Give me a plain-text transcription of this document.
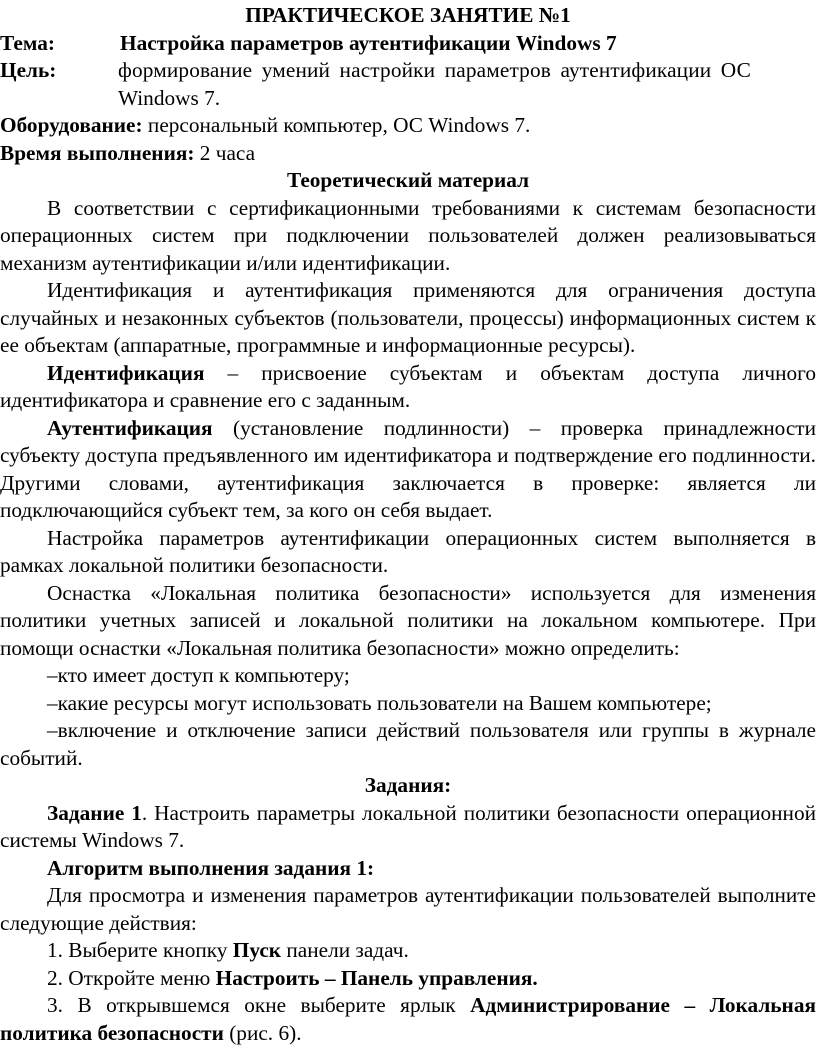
ПРАКТИЧЕСКОЕ ЗАНЯТИЕ №1

Тема:	Настройка параметров аутентификации Windows 7
Цель:	формирование умений настройки параметров аутентификации ОС
Windows 7.

Оборудование: персональный компьютер, ОС Windows 7.

Время выполнения: 2 часа

Теоретический материал

В соответствии с сертификационными требованиями к системам безопасности операционных систем при подключении пользователей должен реализовываться механизм аутентификации и/или идентификации.

Идентификация и аутентификация применяются для ограничения доступа случайных и незаконных субъектов (пользователи, процессы) информационных систем к ее объектам (аппаратные, программные и информационные ресурсы).

Идентификация – присвоение субъектам и объектам доступа личного идентификатора и сравнение его с заданным.

Аутентификация (установление подлинности) – проверка принадлежности субъекту доступа предъявленного им идентификатора и подтверждение его подлинности. Другими словами, аутентификация заключается в проверке: является ли подключающийся субъект тем, за кого он себя выдает.

Настройка параметров аутентификации операционных систем выполняется в рамках локальной политики безопасности.

Оснастка «Локальная политика безопасности» используется для изменения политики учетных записей и локальной политики на локальном компьютере. При помощи оснастки «Локальная политика безопасности» можно определить:

–кто имеет доступ к компьютеру;

–какие ресурсы могут использовать пользователи на Вашем компьютере;

–включение и отключение записи действий пользователя или группы в журнале событий.

Задания:

Задание 1. Настроить параметры локальной политики безопасности операционной системы Windows 7.

Алгоритм выполнения задания 1:

Для просмотра и изменения параметров аутентификации пользователей выполните следующие действия:

1. Выберите кнопку Пуск панели задач.

2. Откройте меню Настроить – Панель управления.

3. В открывшемся окне выберите ярлык Администрирование – Локальная политика безопасности (рис. 6).
